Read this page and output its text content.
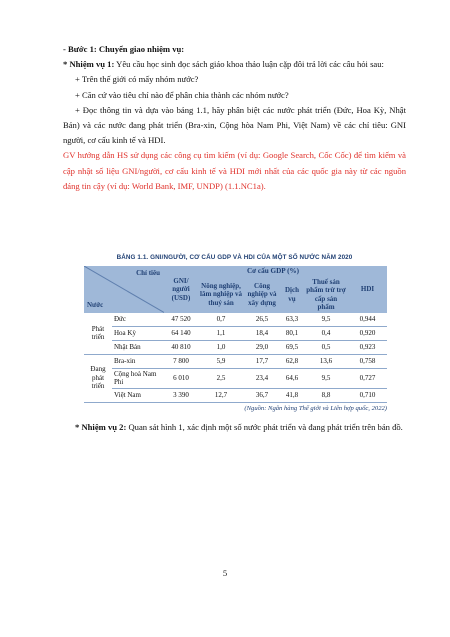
- Bước 1: Chuyển giao nhiệm vụ:

* Nhiệm vụ 1: Yêu cầu học sinh đọc sách giáo khoa thảo luận cặp đôi trả lời các câu hỏi sau:

+ Trên thế giới có mấy nhóm nước?

+ Căn cứ vào tiêu chí nào để phân chia thành các nhóm nước?

+ Đọc thông tin và dựa vào bảng 1.1, hãy phân biệt các nước phát triển (Đức, Hoa Kỳ, Nhật Bản) và các nước đang phát triển (Bra-xin, Cộng hòa Nam Phi, Việt Nam) về các chỉ tiêu: GNI người, cơ cấu kinh tế và HDI.

GV hướng dẫn HS sử dụng các công cụ tìm kiếm (ví dụ: Google Search, Cốc Cốc) để tìm kiếm và cập nhật số liệu GNI/người, cơ cấu kinh tế và HDI mới nhất của các quốc gia này từ các nguồn đáng tin cậy (ví dụ: World Bank, IMF, UNDP) (1.1.NC1a).

BẢNG 1.1. GNI/NGƯỜI, CƠ CẤU GDP VÀ HDI CỦA MỘT SỐ NƯỚC NĂM 2020
Chỉ tiêu
Nước		GNI/ người (USD)	Cơ cấu GDP (%)				HDI
			Nông nghiệp, lâm nghiệp và thuỷ sản	Công nghiệp và xây dựng	Dịch vụ	Thuế sản phẩm trừ trợ cấp sản phẩm	
Phát triển	Đức	47 520	0,7	26,5	63,3	9,5	0,944
	Hoa Kỳ	64 140	1,1	18,4	80,1	0,4	0,920
	Nhật Bản	40 810	1,0	29,0	69,5	0,5	0,923
Đang phát triển	Bra-xin	7 800	5,9	17,7	62,8	13,6	0,758
	Cộng hoà Nam Phi	6 010	2,5	23,4	64,6	9,5	0,727
	Việt Nam	3 390	12,7	36,7	41,8	8,8	0,710
(Nguồn: Ngân hàng Thế giới và Liên hợp quốc, 2022)

* Nhiệm vụ 2: Quan sát hình 1, xác định một số nước phát triển và đang phát triển trên bản đồ.

5
